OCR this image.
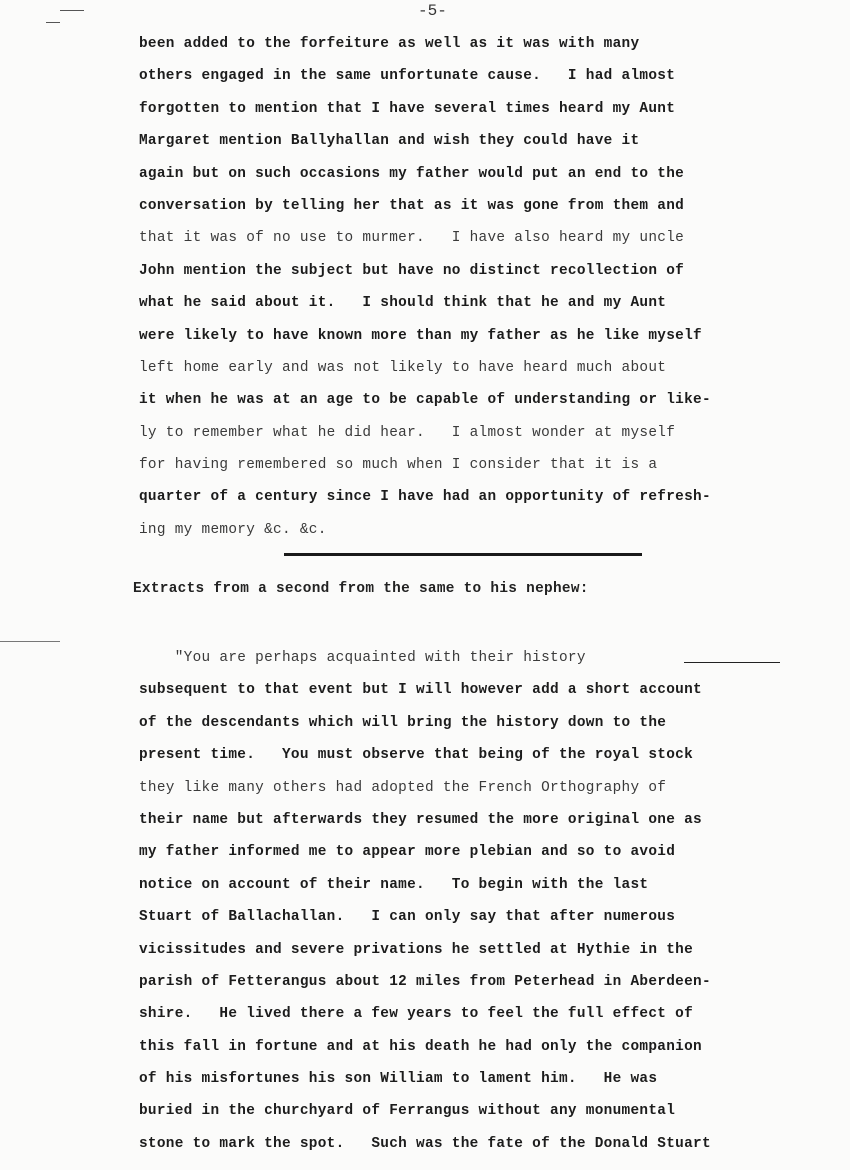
-5-
been added to the forfeiture as well as it was with many
others engaged in the same unfortunate cause.   I had almost
forgotten to mention that I have several times heard my Aunt
Margaret mention Ballyhallan and wish they could have it
again but on such occasions my father would put an end to the
conversation by telling her that as it was gone from them and
that it was of no use to murmer.   I have also heard my uncle
John mention the subject but have no distinct recollection of
what he said about it.   I should think that he and my Aunt
were likely to have known more than my father as he like myself
left home early and was not likely to have heard much about
it when he was at an age to be capable of understanding or like-
ly to remember what he did hear.   I almost wonder at myself
for having remembered so much when I consider that it is a
quarter of a century since I have had an opportunity of refresh-
ing my memory &c. &c.
Extracts from a second from the same to his nephew:
"You are perhaps acquainted with their history
subsequent to that event but I will however add a short account
of the descendants which will bring the history down to the
present time.   You must observe that being of the royal stock
they like many others had adopted the French Orthography of
their name but afterwards they resumed the more original one as
my father informed me to appear more plebian and so to avoid
notice on account of their name.   To begin with the last
Stuart of Ballachallan.   I can only say that after numerous
vicissitudes and severe privations he settled at Hythie in the
parish of Fetterangus about 12 miles from Peterhead in Aberdeen-
shire.   He lived there a few years to feel the full effect of
this fall in fortune and at his death he had only the companion
of his misfortunes his son William to lament him.   He was
buried in the churchyard of Ferrangus without any monumental
stone to mark the spot.   Such was the fate of the Donald Stuart
